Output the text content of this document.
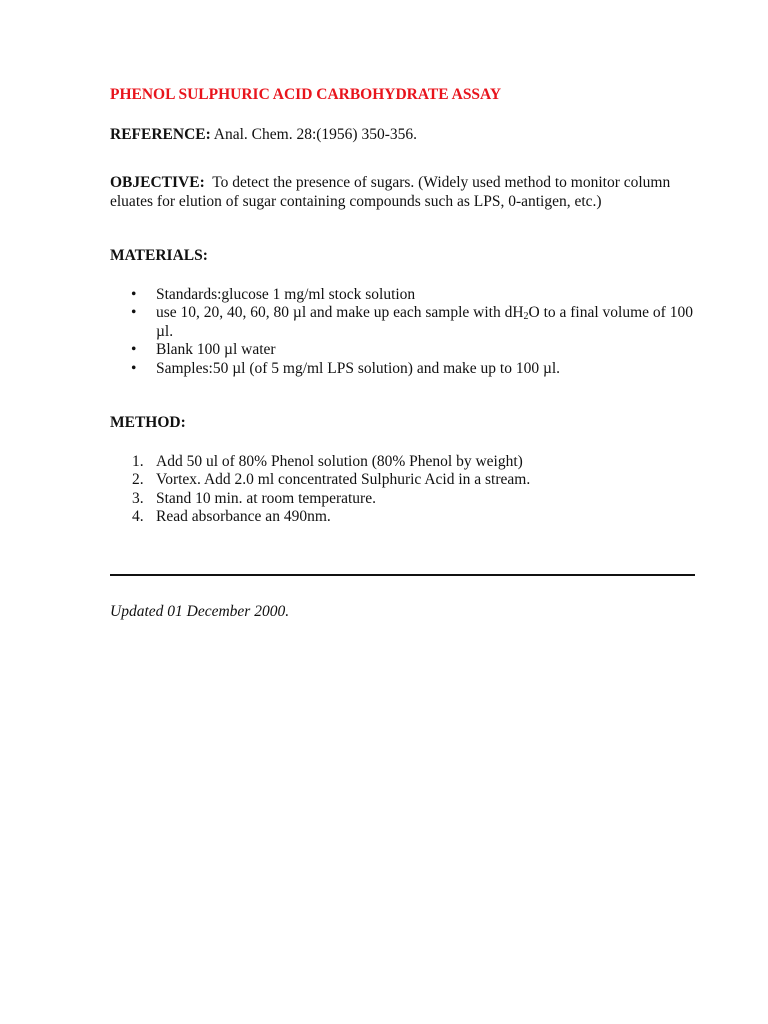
PHENOL SULPHURIC ACID CARBOHYDRATE ASSAY
REFERENCE: Anal. Chem. 28:(1956) 350-356.
OBJECTIVE:  To detect the presence of sugars. (Widely used method to monitor column eluates for elution of sugar containing compounds such as LPS, 0-antigen, etc.)
MATERIALS:
• Standards:glucose 1 mg/ml stock solution
• use 10, 20, 40, 60, 80 µl and make up each sample with $dH_2O$ to a final volume of 100 µl.
• Blank 100 µl water
• Samples:50 µl (of 5 mg/ml LPS solution) and make up to 100 µl.
METHOD:
1. Add 50 ul of 80% Phenol solution (80% Phenol by weight)
2. Vortex. Add 2.0 ml concentrated Sulphuric Acid in a stream.
3. Stand 10 min. at room temperature.
4. Read absorbance an 490nm.
Updated 01 December 2000.
